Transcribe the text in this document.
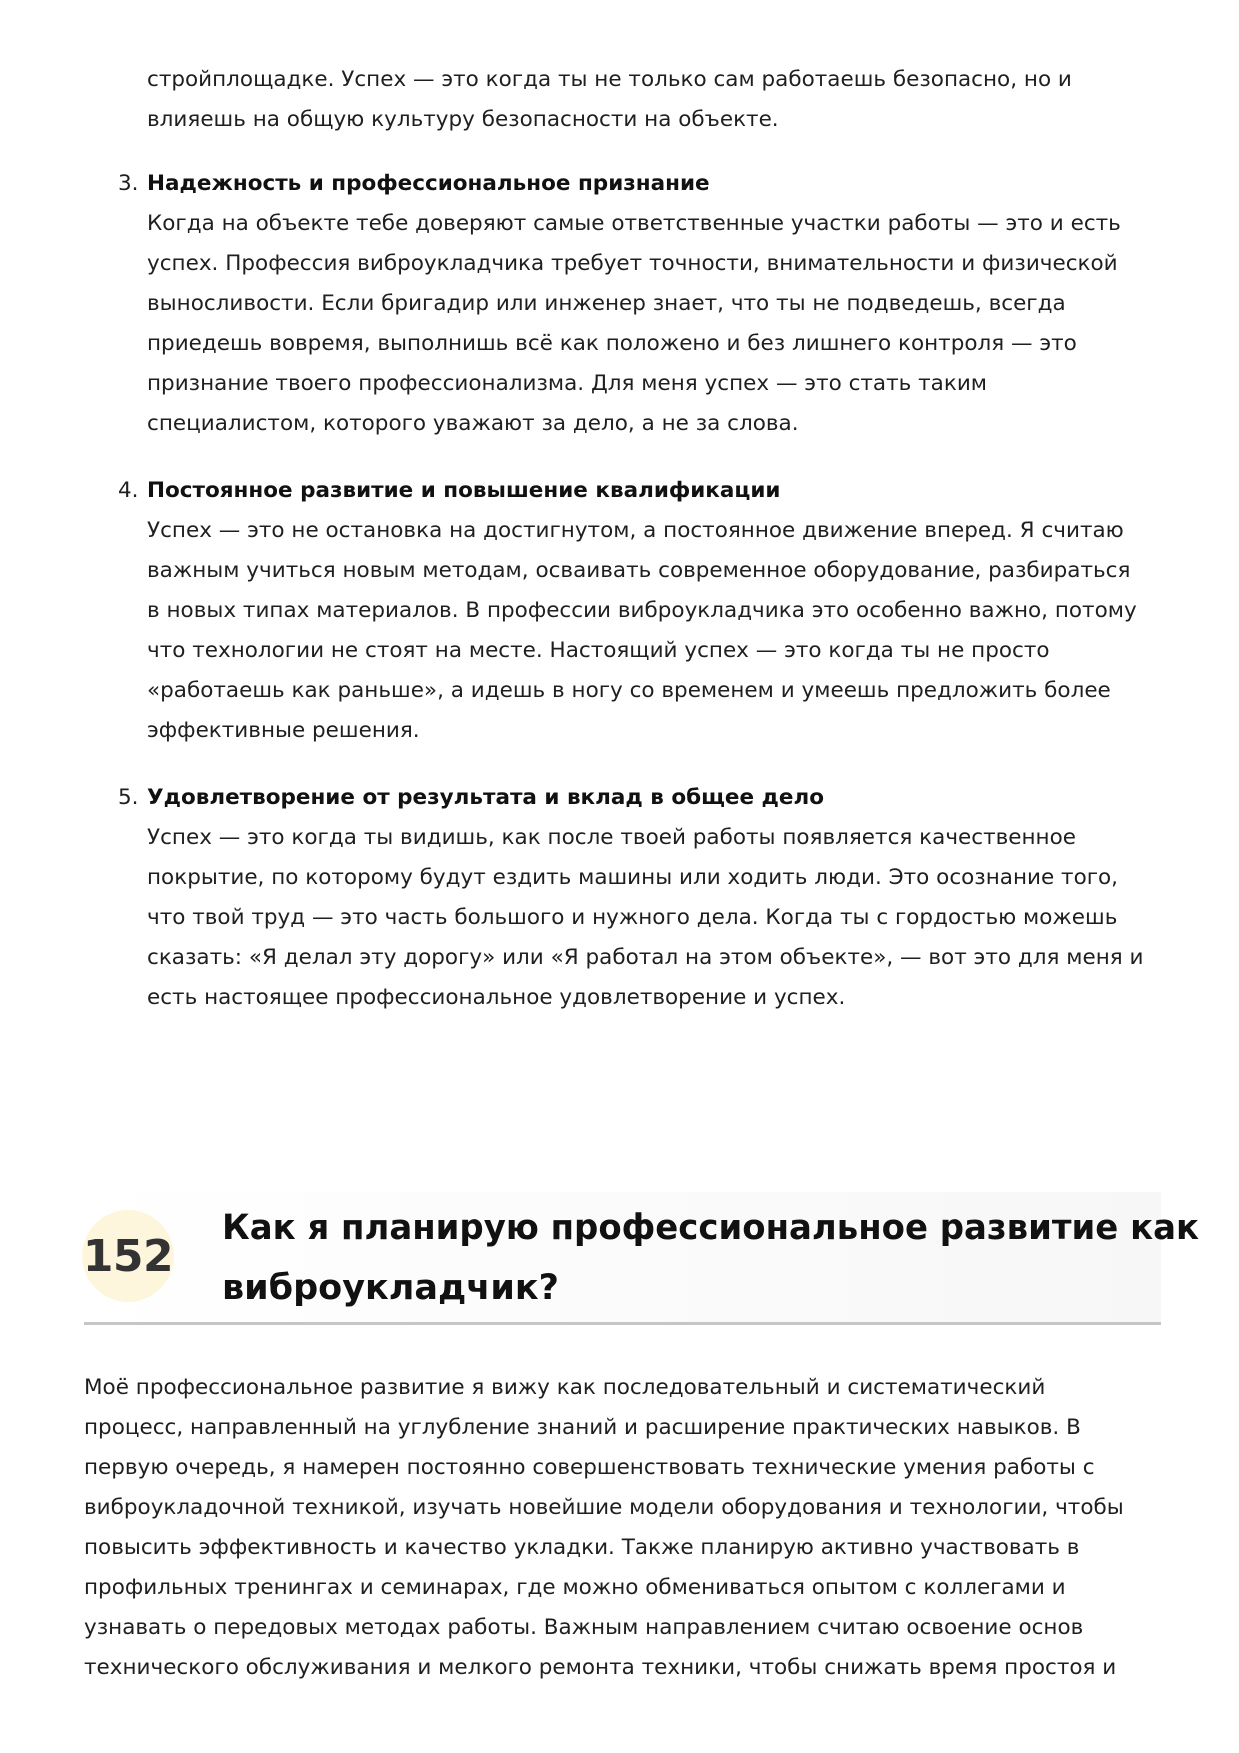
стройплощадке. Успех — это когда ты не только сам работаешь безопасно, но и
влияешь на общую культуру безопасности на объекте.
3. Надежность и профессиональное признание
Когда на объекте тебе доверяют самые ответственные участки работы — это и есть
успех. Профессия виброукладчика требует точности, внимательности и физической
выносливости. Если бригадир или инженер знает, что ты не подведешь, всегда
приедешь вовремя, выполнишь всё как положено и без лишнего контроля — это
признание твоего профессионализма. Для меня успех — это стать таким
специалистом, которого уважают за дело, а не за слова.
4. Постоянное развитие и повышение квалификации
Успех — это не остановка на достигнутом, а постоянное движение вперед. Я считаю
важным учиться новым методам, осваивать современное оборудование, разбираться
в новых типах материалов. В профессии виброукладчика это особенно важно, потому
что технологии не стоят на месте. Настоящий успех — это когда ты не просто
«работаешь как раньше», а идешь в ногу со временем и умеешь предложить более
эффективные решения.
5. Удовлетворение от результата и вклад в общее дело
Успех — это когда ты видишь, как после твоей работы появляется качественное
покрытие, по которому будут ездить машины или ходить люди. Это осознание того,
что твой труд — это часть большого и нужного дела. Когда ты с гордостью можешь
сказать: «Я делал эту дорогу» или «Я работал на этом объекте», — вот это для меня и
есть настоящее профессиональное удовлетворение и успех.
152
Как я планирую профессиональное развитие как
виброукладчик?
Моё профессиональное развитие я вижу как последовательный и систематический
процесс, направленный на углубление знаний и расширение практических навыков. В
первую очередь, я намерен постоянно совершенствовать технические умения работы с
виброукладочной техникой, изучать новейшие модели оборудования и технологии, чтобы
повысить эффективность и качество укладки. Также планирую активно участвовать в
профильных тренингах и семинарах, где можно обмениваться опытом с коллегами и
узнавать о передовых методах работы. Важным направлением считаю освоение основ
технического обслуживания и мелкого ремонта техники, чтобы снижать время простоя и
